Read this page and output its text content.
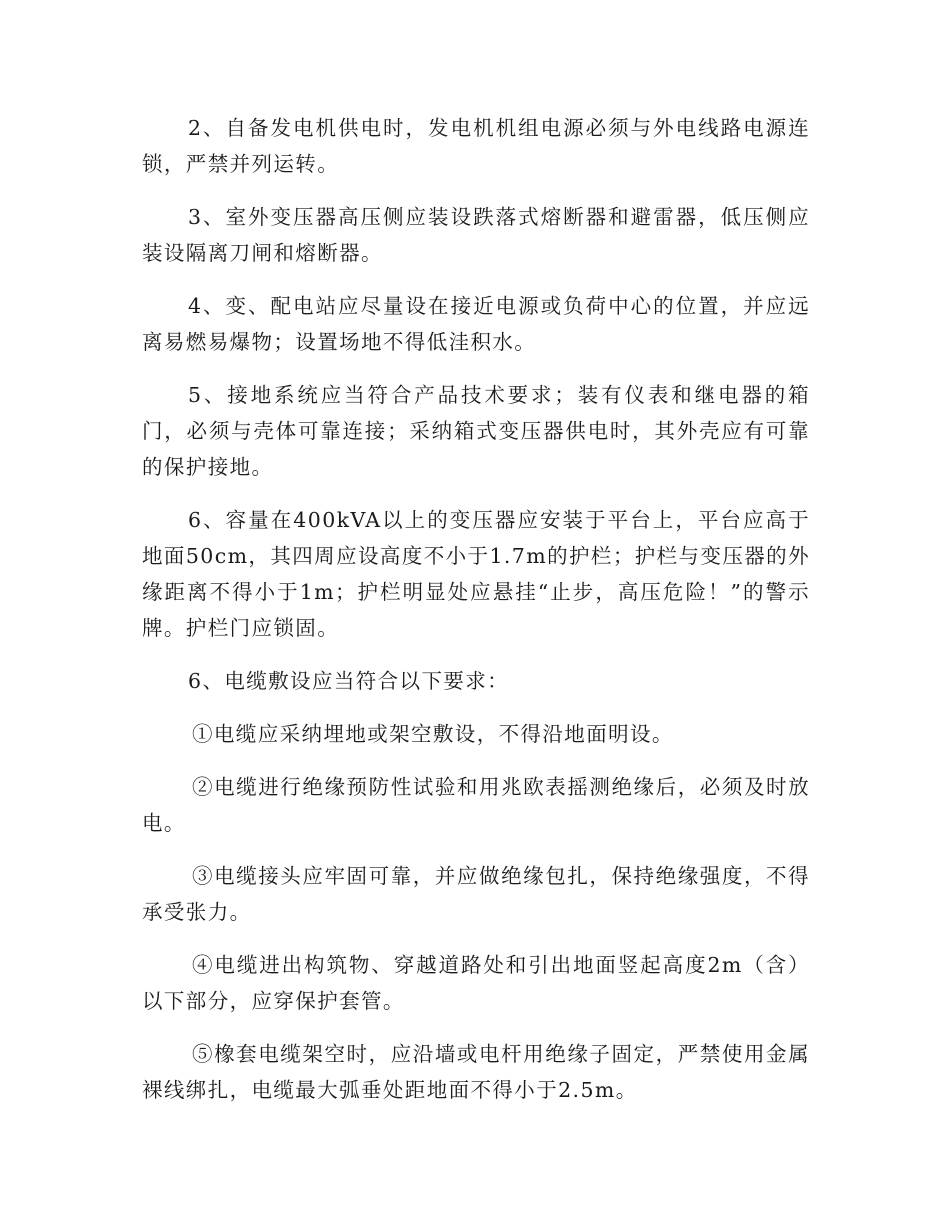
2、自备发电机供电时，发电机机组电源必须与外电线路电源连锁，严禁并列运转。

3、室外变压器高压侧应装设跌落式熔断器和避雷器，低压侧应装设隔离刀闸和熔断器。

4、变、配电站应尽量设在接近电源或负荷中心的位置，并应远离易燃易爆物；设置场地不得低洼积水。

5、接地系统应当符合产品技术要求；装有仪表和继电器的箱门，必须与壳体可靠连接；采纳箱式变压器供电时，其外壳应有可靠的保护接地。

6、容量在400kVA以上的变压器应安装于平台上，平台应高于地面50cm，其四周应设高度不小于1.7m的护栏；护栏与变压器的外缘距离不得小于1m；护栏明显处应悬挂“止步，高压危险！”的警示牌。护栏门应锁固。

6、电缆敷设应当符合以下要求：

①电缆应采纳埋地或架空敷设，不得沿地面明设。

②电缆进行绝缘预防性试验和用兆欧表摇测绝缘后，必须及时放电。

③电缆接头应牢固可靠，并应做绝缘包扎，保持绝缘强度，不得承受张力。

④电缆进出构筑物、穿越道路处和引出地面竖起高度2m（含）以下部分，应穿保护套管。

⑤橡套电缆架空时，应沿墙或电杆用绝缘子固定，严禁使用金属裸线绑扎，电缆最大弧垂处距地面不得小于2.5m。
